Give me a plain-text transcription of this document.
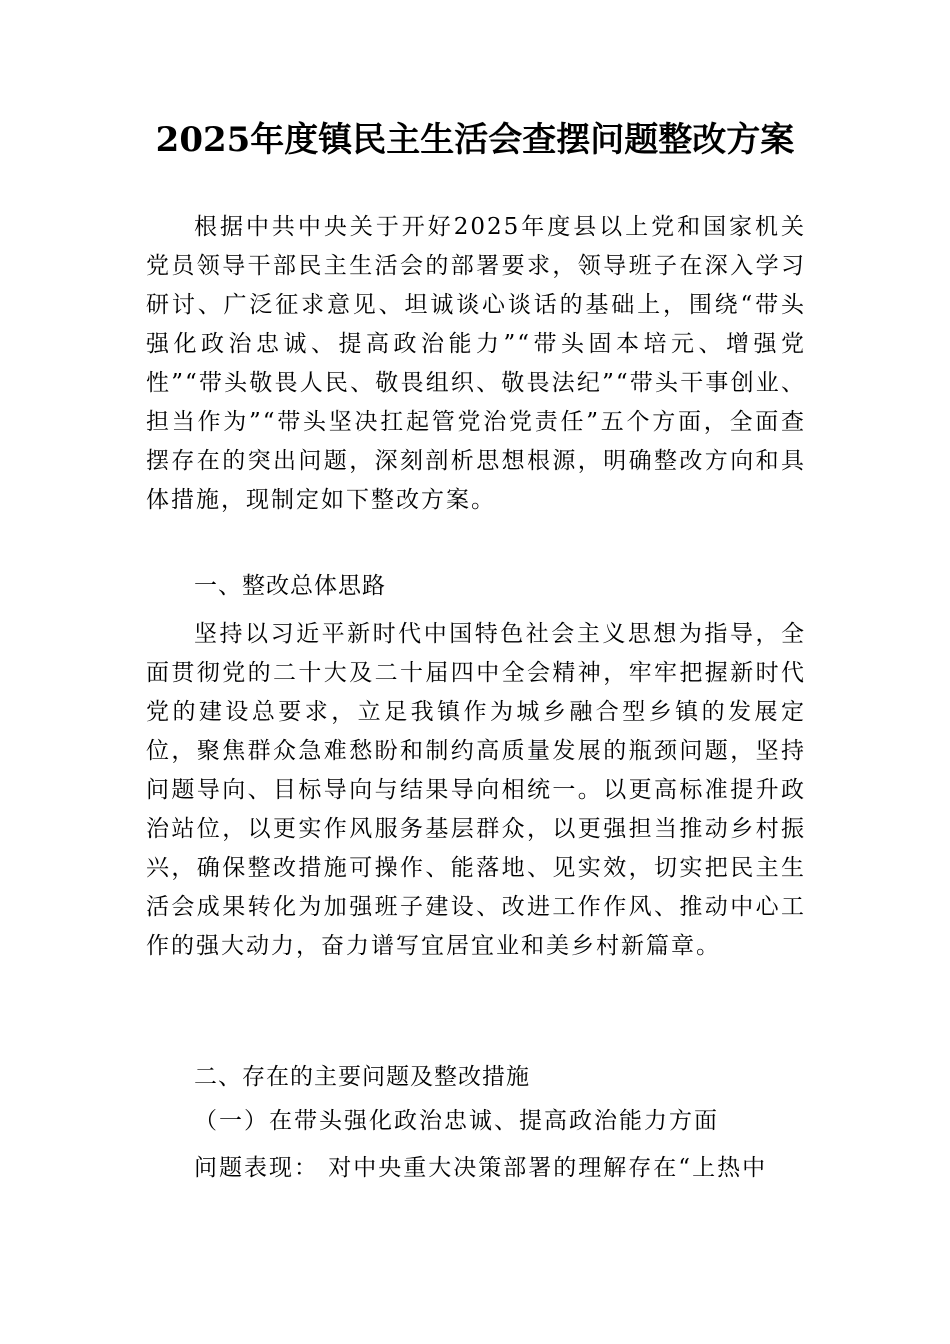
2025年度镇民主生活会查摆问题整改方案

根据中共中央关于开好2025年度县以上党和国家机关党员领导干部民主生活会的部署要求，领导班子在深入学习研讨、广泛征求意见、坦诚谈心谈话的基础上，围绕“带头强化政治忠诚、提高政治能力”“带头固本培元、增强党性”“带头敬畏人民、敬畏组织、敬畏法纪”“带头干事创业、担当作为”“带头坚决扛起管党治党责任”五个方面，全面查摆存在的突出问题，深刻剖析思想根源，明确整改方向和具体措施，现制定如下整改方案。

一、整改总体思路

坚持以习近平新时代中国特色社会主义思想为指导，全面贯彻党的二十大及二十届四中全会精神，牢牢把握新时代党的建设总要求，立足我镇作为城乡融合型乡镇的发展定位，聚焦群众急难愁盼和制约高质量发展的瓶颈问题，坚持问题导向、目标导向与结果导向相统一。以更高标准提升政治站位，以更实作风服务基层群众，以更强担当推动乡村振兴，确保整改措施可操作、能落地、见实效，切实把民主生活会成果转化为加强班子建设、改进工作作风、推动中心工作的强大动力，奋力谱写宜居宜业和美乡村新篇章。

二、存在的主要问题及整改措施

（一）在带头强化政治忠诚、提高政治能力方面

问题表现： 对中央重大决策部署的理解存在“上热中
